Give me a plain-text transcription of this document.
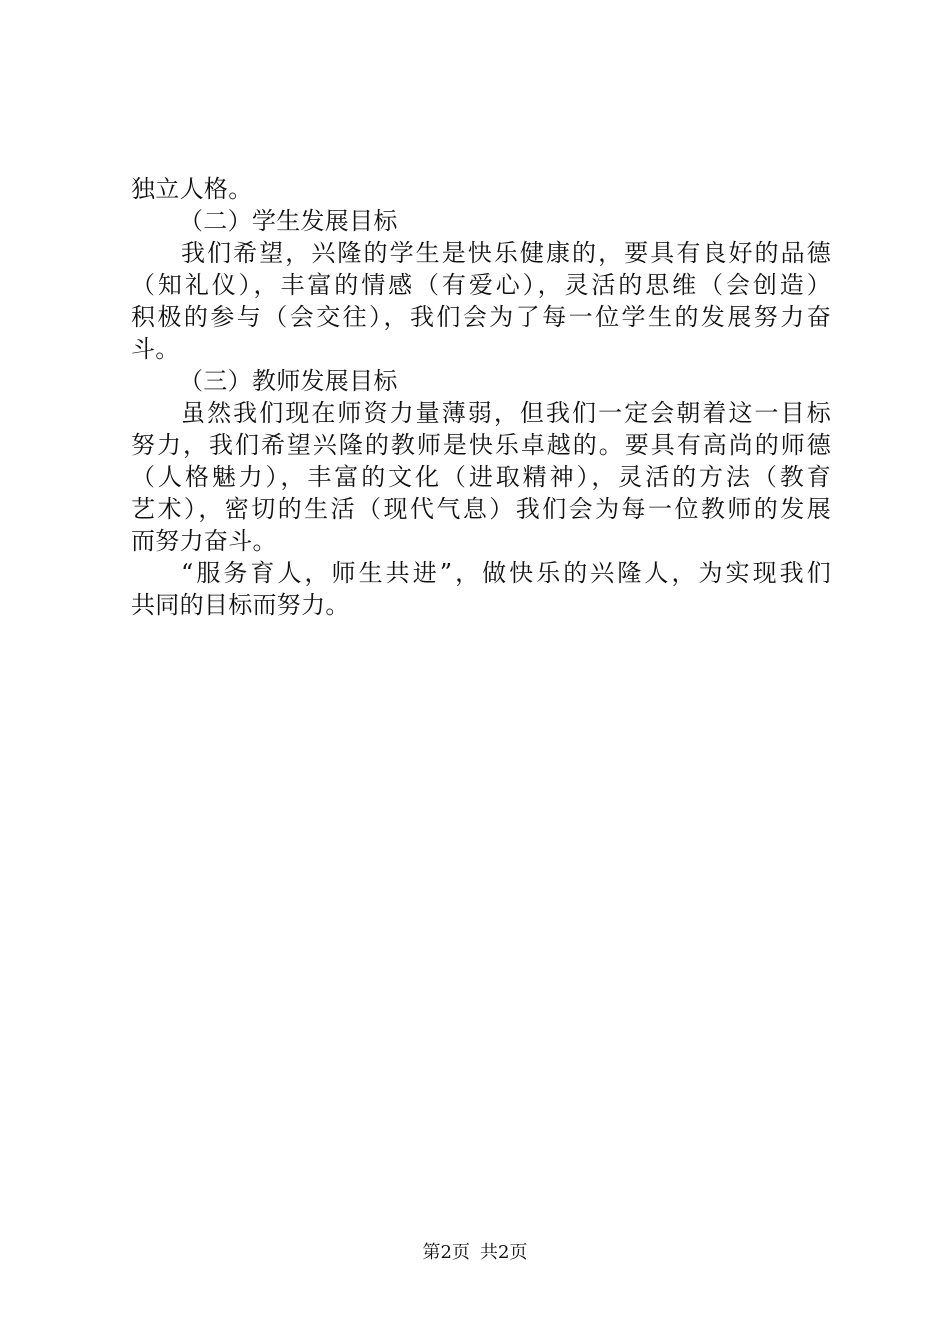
独立人格。
（二）学生发展目标
我们希望，兴隆的学生是快乐健康的，要具有良好的品德
（知礼仪），丰富的情感（有爱心），灵活的思维（会创造）
积极的参与（会交往），我们会为了每一位学生的发展努力奋
斗。
（三）教师发展目标
虽然我们现在师资力量薄弱，但我们一定会朝着这一目标
努力，我们希望兴隆的教师是快乐卓越的。要具有高尚的师德
（人格魅力），丰富的文化（进取精神），灵活的方法（教育
艺术），密切的生活（现代气息）我们会为每一位教师的发展
而努力奋斗。
“服务育人，师生共进”，做快乐的兴隆人，为实现我们
共同的目标而努力。
第2页 共2页
